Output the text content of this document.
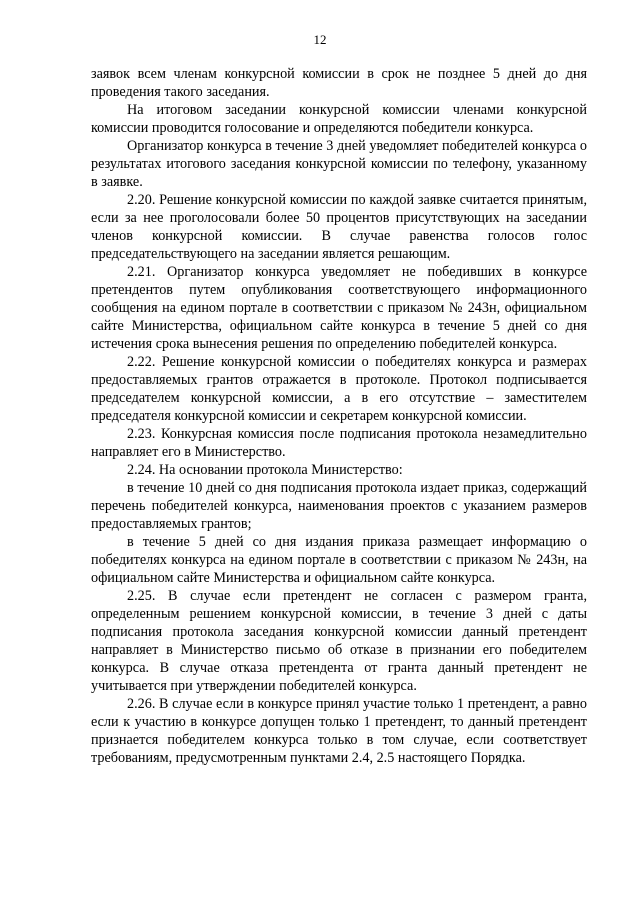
12

заявок всем членам конкурсной комиссии в срок не позднее 5 дней до дня проведения такого заседания.

На итоговом заседании конкурсной комиссии членами конкурсной комиссии проводится голосование и определяются победители конкурса.

Организатор конкурса в течение 3 дней уведомляет победителей конкурса о результатах итогового заседания конкурсной комиссии по телефону, указанному в заявке.

2.20. Решение конкурсной комиссии по каждой заявке считается принятым, если за нее проголосовали более 50 процентов присутствующих на заседании членов конкурсной комиссии. В случае равенства голосов голос председательствующего на заседании является решающим.

2.21. Организатор конкурса уведомляет не победивших в конкурсе претендентов путем опубликования соответствующего информационного сообщения на едином портале в соответствии с приказом № 243н, официальном сайте Министерства, официальном сайте конкурса в течение 5 дней со дня истечения срока вынесения решения по определению победителей конкурса.

2.22. Решение конкурсной комиссии о победителях конкурса и размерах предоставляемых грантов отражается в протоколе. Протокол подписывается председателем конкурсной комиссии, а в его отсутствие – заместителем председателя конкурсной комиссии и секретарем конкурсной комиссии.

2.23. Конкурсная комиссия после подписания протокола незамедлительно направляет его в Министерство.

2.24. На основании протокола Министерство:

в течение 10 дней со дня подписания протокола издает приказ, содержащий перечень победителей конкурса, наименования проектов с указанием размеров предоставляемых грантов;

в течение 5 дней со дня издания приказа размещает информацию о победителях конкурса на едином портале в соответствии с приказом № 243н, на официальном сайте Министерства и официальном сайте конкурса.

2.25. В случае если претендент не согласен с размером гранта, определенным решением конкурсной комиссии, в течение 3 дней с даты подписания протокола заседания конкурсной комиссии данный претендент направляет в Министерство письмо об отказе в признании его победителем конкурса. В случае отказа претендента от гранта данный претендент не учитывается при утверждении победителей конкурса.

2.26. В случае если в конкурсе принял участие только 1 претендент, а равно если к участию в конкурсе допущен только 1 претендент, то данный претендент признается победителем конкурса только в том случае, если соответствует требованиям, предусмотренным пунктами 2.4, 2.5 настоящего Порядка.
